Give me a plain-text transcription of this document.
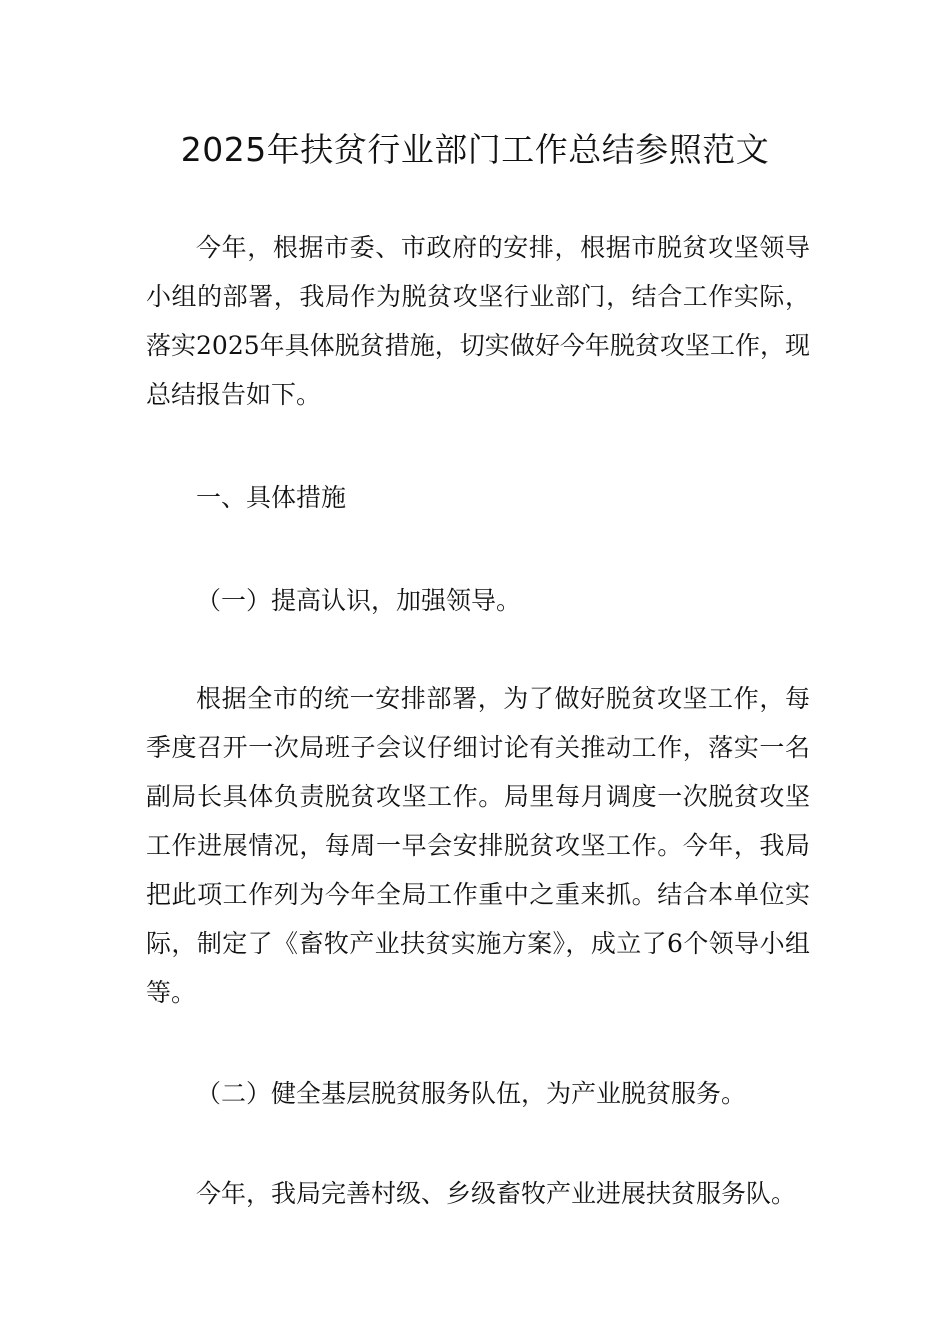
2025年扶贫行业部门工作总结参照范文

今年，根据市委、市政府的安排，根据市脱贫攻坚领导小组的部署，我局作为脱贫攻坚行业部门，结合工作实际，落实2025年具体脱贫措施，切实做好今年脱贫攻坚工作，现总结报告如下。

一、具体措施

（一）提高认识，加强领导。

根据全市的统一安排部署，为了做好脱贫攻坚工作，每季度召开一次局班子会议仔细讨论有关推动工作，落实一名副局长具体负责脱贫攻坚工作。局里每月调度一次脱贫攻坚工作进展情况，每周一早会安排脱贫攻坚工作。今年，我局把此项工作列为今年全局工作重中之重来抓。结合本单位实际，制定了《畜牧产业扶贫实施方案》，成立了6个领导小组等。

（二）健全基层脱贫服务队伍，为产业脱贫服务。

今年，我局完善村级、乡级畜牧产业进展扶贫服务队。
